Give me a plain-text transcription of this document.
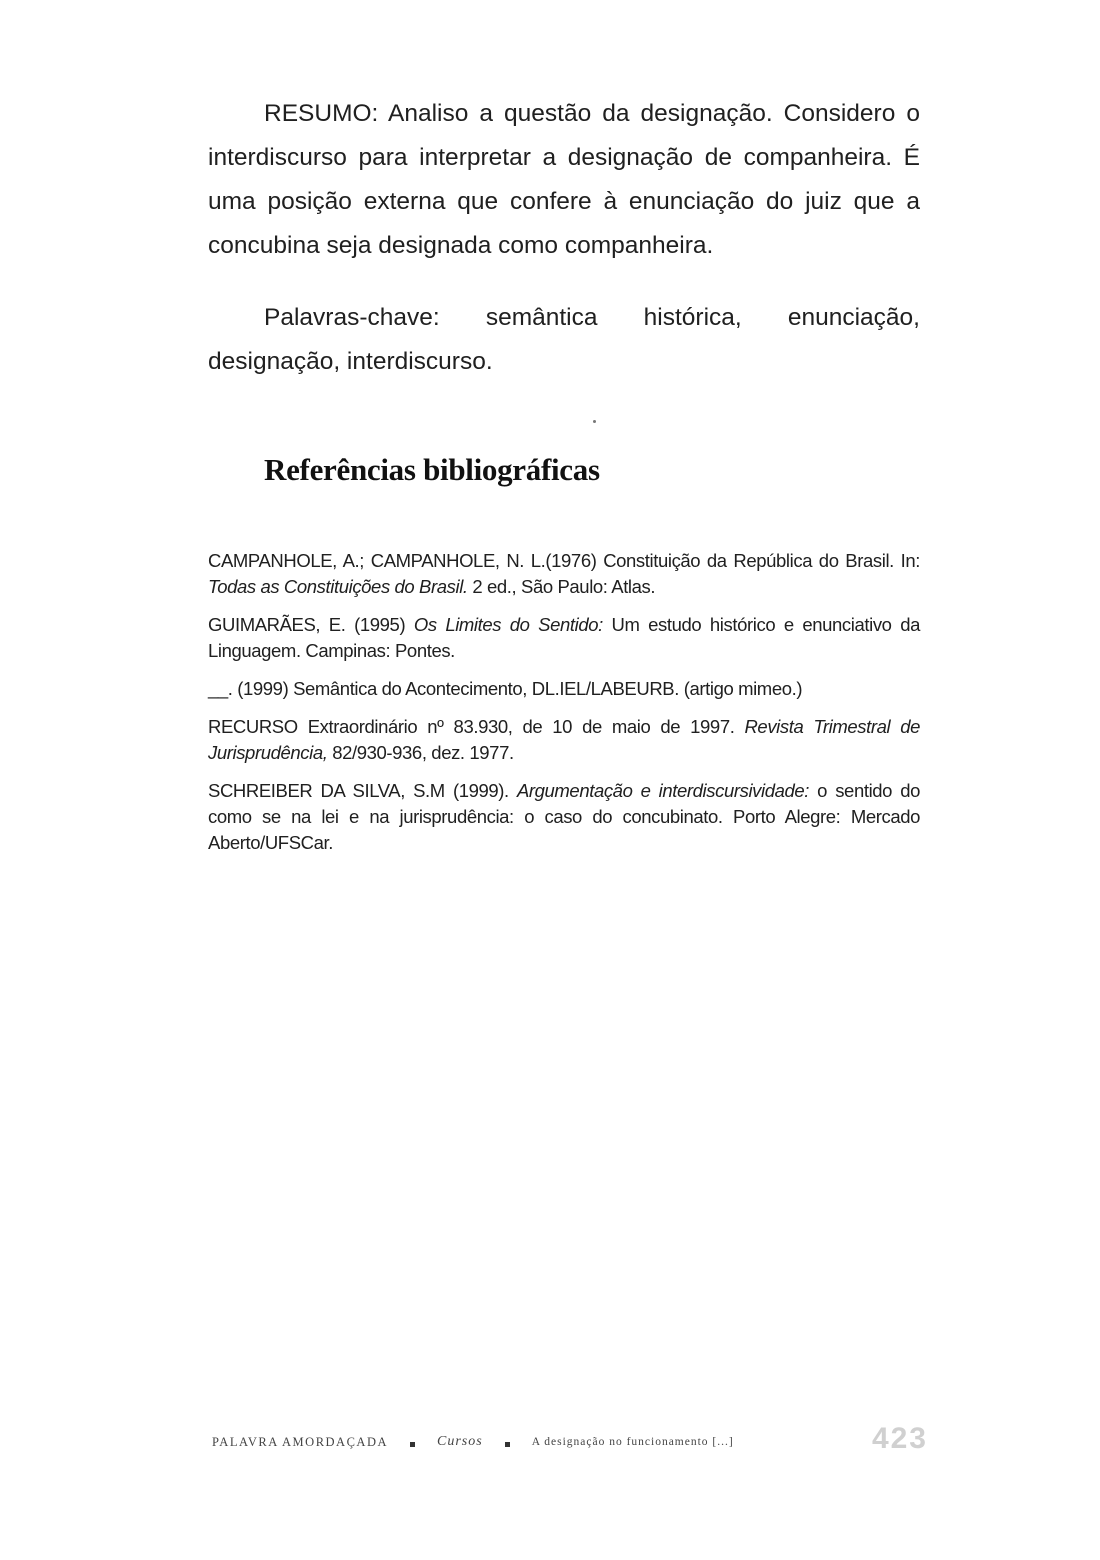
RESUMO: Analiso a questão da designação. Considero o interdiscurso para interpretar a designação de companheira. É uma posição externa que confere à enunciação do juiz que a concubina seja designada como companheira.

Palavras-chave: semântica histórica, enunciação, designação, interdiscurso.

Referências bibliográficas

CAMPANHOLE, A.; CAMPANHOLE, N. L.(1976) Constituição da República do Brasil. In: Todas as Constituições do Brasil. 2 ed., São Paulo: Atlas.

GUIMARÃES, E. (1995) Os Limites do Sentido: Um estudo histórico e enunciativo da Linguagem. Campinas: Pontes.

__. (1999) Semântica do Acontecimento, DL.IEL/LABEURB. (artigo mimeo.)

RECURSO Extraordinário nº 83.930, de 10 de maio de 1997. Revista Trimestral de Jurisprudência, 82/930-936, dez. 1977.

SCHREIBER DA SILVA, S.M (1999). Argumentação e interdiscursividade: o sentido do como se na lei e na jurisprudência: o caso do concubinato. Porto Alegre: Mercado Aberto/UFSCar.

PALAVRA AMORDAÇADA	Cursos	A designação no funcionamento [...]	423
